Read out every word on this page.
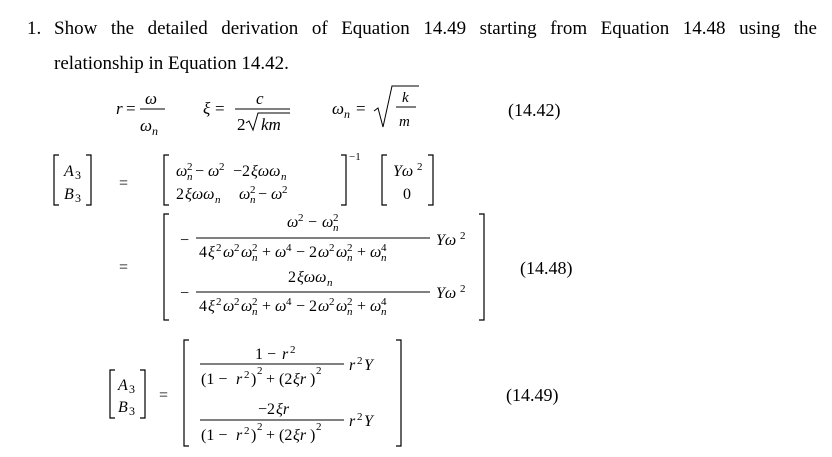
1. Show the detailed derivation of Equation 14.49 starting from Equation 14.48 using the
relationship in Equation 14.42.
(14.42)
(14.48)
(14.49)
r =
ω
ω n
ξ =
c
2 km
ω n =
k
m
A 3
B 3
=
ω 2
n − ω 2 −2 ξωω n
2 ξωω n ω 2
n − ω 2
−1
Yω 2
0
=
−
ω 2 − ω 2
n
4 ξ 2 ω 2 ω 2
n + ω 4 − 2 ω 2 ω 2
n + ω 4
n
Yω 2
−
2 ξωω n
4 ξ 2 ω 2 ω 2
n + ω 4 − 2 ω 2 ω 2
n + ω 4
n
Yω 2
A 3
B 3
=
1 − r 2
(1 − r 2 ) 2 + (2 ξr ) 2 r 2 Y
−2 ξr
(1 − r 2 ) 2 + (2 ξr ) 2 r 2 Y
